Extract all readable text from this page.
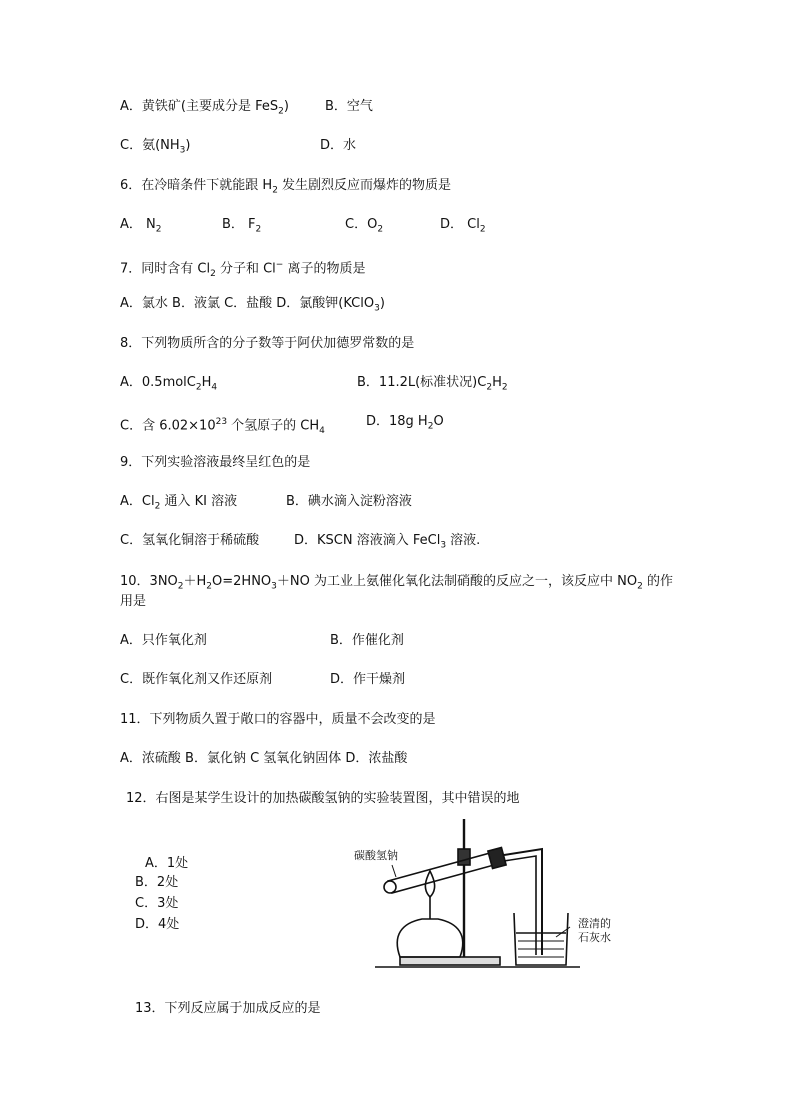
A．黄铁矿(主要成分是 FeS$_2$)	B．空气
C．氨$(NH_3)$	D．水
6．在冷暗条件下就能跟 $H_2$ 发生剧烈反应而爆炸的物质是
A． $N_2$	B． $F_2$	C．$O_2$	D． $Cl_2$
7．同时含有 $Cl_2$ 分子和 Cl− 离子的物质是
A．氯水 B．液氯 C．盐酸 D．氯酸钾(KClO$_3$)
8．下列物质所含的分子数等于阿伏加德罗常数的是
A．$0.5molC_2H_4$	B．11.2L(标准状况)$C_2H_2$
C．含 $6.02\times 10^{23}$ 个氢原子的 $CH_4$
D．18g $H_2O$
9．下列实验溶液最终呈红色的是
A．$Cl_2$ 通入 KI 溶液	B．碘水滴入淀粉溶液
C．氢氧化铜溶于稀硫酸	D．KSCN 溶液滴入 FeCl$_3$ 溶液.
10．$3NO_2+H_2O=2HNO_3+NO$ 为工业上氨催化氧化法制硝酸的反应之一，该反应中 $NO_2$ 的作
用是
A．只作氧化剂	B．作催化剂
C．既作氧化剂又作还原剂	D．作干燥剂
11．下列物质久置于敞口的容器中，质量不会改变的是
A．浓硫酸 B．氯化钠 C 氢氧化钠固体 D．浓盐酸
12．右图是某学生设计的加热碳酸氢钠的实验装置图，其中错误的地
A．1处
B．2处
C．3处
D．4处
碳酸氢钠
澄清的
石灰水
13．下列反应属于加成反应的是
